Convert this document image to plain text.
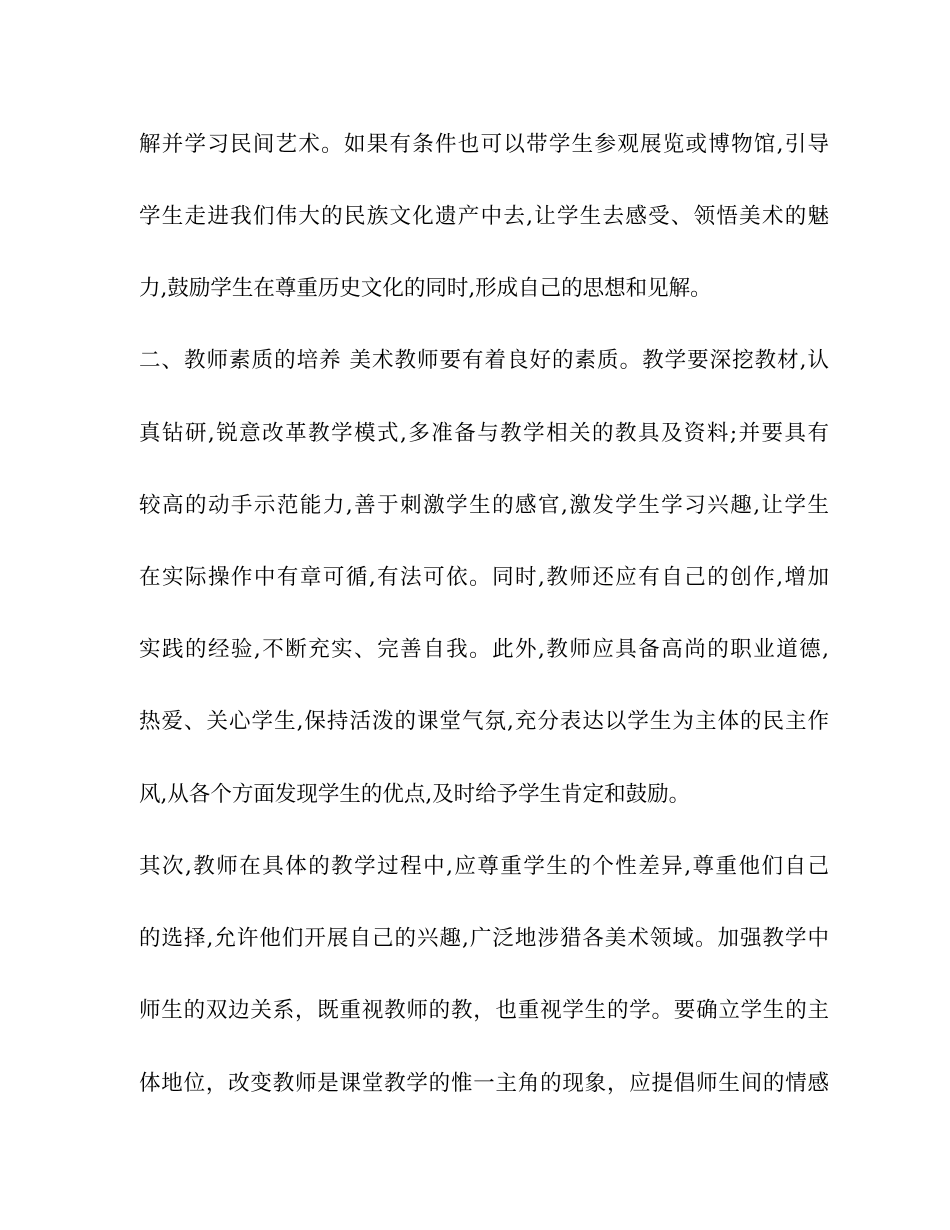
解并学习民间艺术。如果有条件也可以带学生参观展览或博物馆,引导
学生走进我们伟大的民族文化遗产中去,让学生去感受、领悟美术的魅
力,鼓励学生在尊重历史文化的同时,形成自己的思想和见解。
二、教师素质的培养 美术教师要有着良好的素质。教学要深挖教材,认
真钻研,锐意改革教学模式,多准备与教学相关的教具及资料;并要具有
较高的动手示范能力,善于刺激学生的感官,激发学生学习兴趣,让学生
在实际操作中有章可循,有法可依。同时,教师还应有自己的创作,增加
实践的经验,不断充实、完善自我。此外,教师应具备高尚的职业道德,
热爱、关心学生,保持活泼的课堂气氛,充分表达以学生为主体的民主作
风,从各个方面发现学生的优点,及时给予学生肯定和鼓励。
其次,教师在具体的教学过程中,应尊重学生的个性差异,尊重他们自己
的选择,允许他们开展自己的兴趣,广泛地涉猎各美术领域。加强教学中
师生的双边关系，既重视教师的教，也重视学生的学。要确立学生的主
体地位，改变教师是课堂教学的惟一主角的现象，应提倡师生间的情感
